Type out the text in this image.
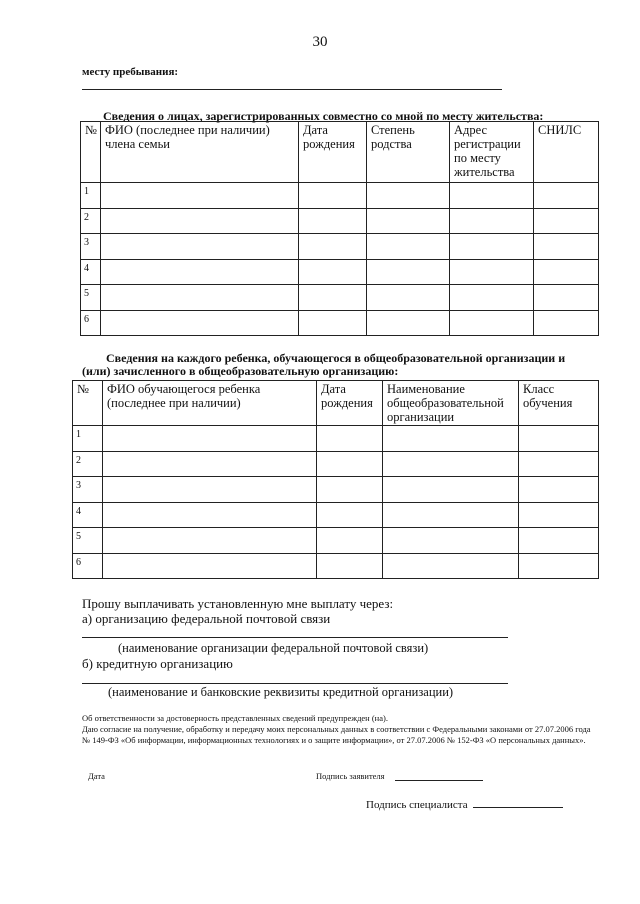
30
месту пребывания:
Сведения о лицах, зарегистрированных совместно со мной по месту жительства:
№	ФИО (последнее при наличии) члена семьи	Дата рождения	Степень родства	Адрес регистрации по месту жительства	СНИЛС
1					
2					
3					
4					
5					
6					
Сведения на каждого ребенка, обучающегося в общеобразовательной организации и
(или) зачисленного в общеобразовательную организацию:
№	ФИО обучающегося ребенка (последнее при наличии)	Дата рождения	Наименование общеобразовательной организации	Класс обучения
1				
2				
3				
4				
5				
6				
Прошу выплачивать установленную мне выплату через:
а) организацию федеральной почтовой связи
(наименование организации федеральной почтовой связи)
б) кредитную организацию
(наименование и банковские реквизиты кредитной организации)
Об ответственности за достоверность представленных сведений предупрежден (на).
Даю согласие на получение, обработку и передачу моих персональных данных в соответствии с Федеральными законами от 27.07.2006 года № 149-ФЗ «Об информации, информационных технологиях и о защите информации», от 27.07.2006 № 152-ФЗ «О персональных данных».
Дата	Подпись заявителя
Подпись специалиста
